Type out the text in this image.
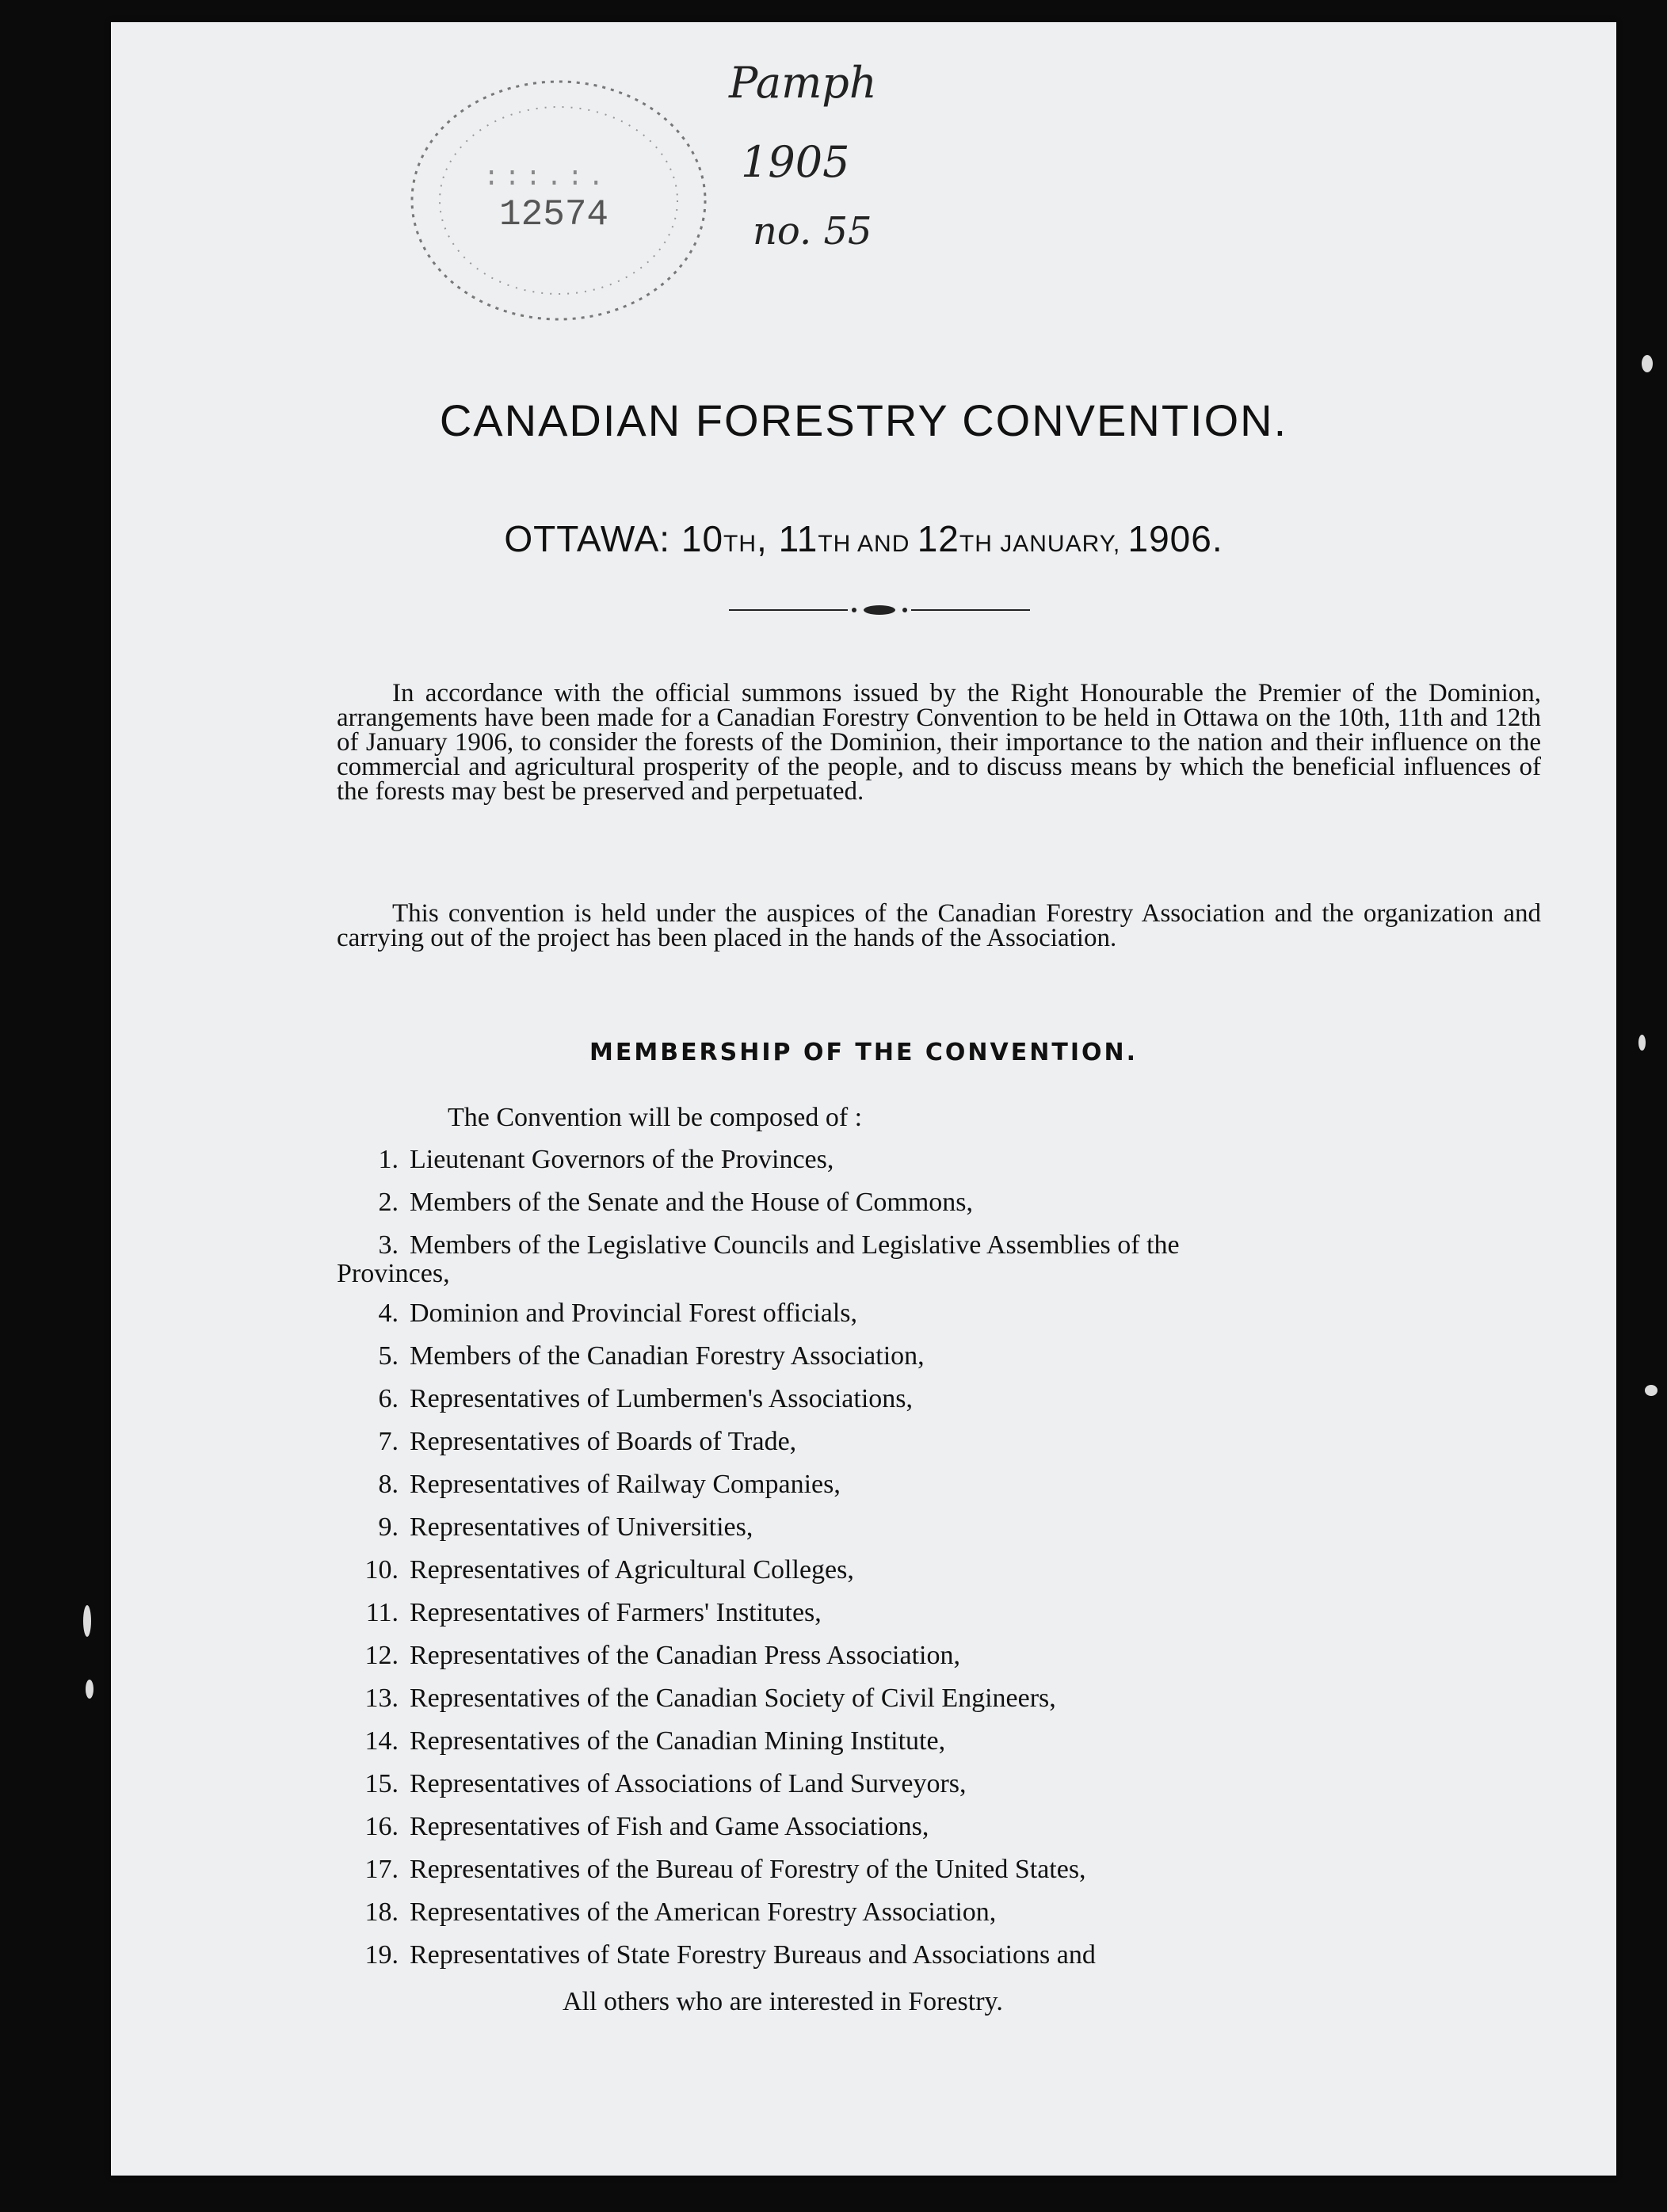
12574
:::.:.
Pamph
1905
no. 55
CANADIAN FORESTRY CONVENTION.
OTTAWA: 10TH, 11TH AND 12TH JANUARY, 1906.

In accordance with the official summons issued by the Right Honourable the Premier of the Dominion, arrangements have been made for a Canadian Forestry Convention to be held in Ottawa on the 10th, 11th and 12th of January 1906, to consider the forests of the Dominion, their importance to the nation and their influence on the commercial and agricultural prosperity of the people, and to discuss means by which the beneficial influences of the forests may best be preserved and perpetuated.

This convention is held under the auspices of the Canadian Forestry Association and the organization and carrying out of the project has been placed in the hands of the Association.

MEMBERSHIP OF THE CONVENTION.
The Convention will be composed of :
1. Lieutenant Governors of the Provinces,
2. Members of the Senate and the House of Commons,
3. Members of the Legislative Councils and Legislative Assemblies of the
Provinces,
4. Dominion and Provincial Forest officials,
5. Members of the Canadian Forestry Association,
6. Representatives of Lumbermen's Associations,
7. Representatives of Boards of Trade,
8. Representatives of Railway Companies,
9. Representatives of Universities,
10. Representatives of Agricultural Colleges,
11. Representatives of Farmers' Institutes,
12. Representatives of the Canadian Press Association,
13. Representatives of the Canadian Society of Civil Engineers,
14. Representatives of the Canadian Mining Institute,
15. Representatives of Associations of Land Surveyors,
16. Representatives of Fish and Game Associations,
17. Representatives of the Bureau of Forestry of the United States,
18. Representatives of the American Forestry Association,
19. Representatives of State Forestry Bureaus and Associations and
All others who are interested in Forestry.
